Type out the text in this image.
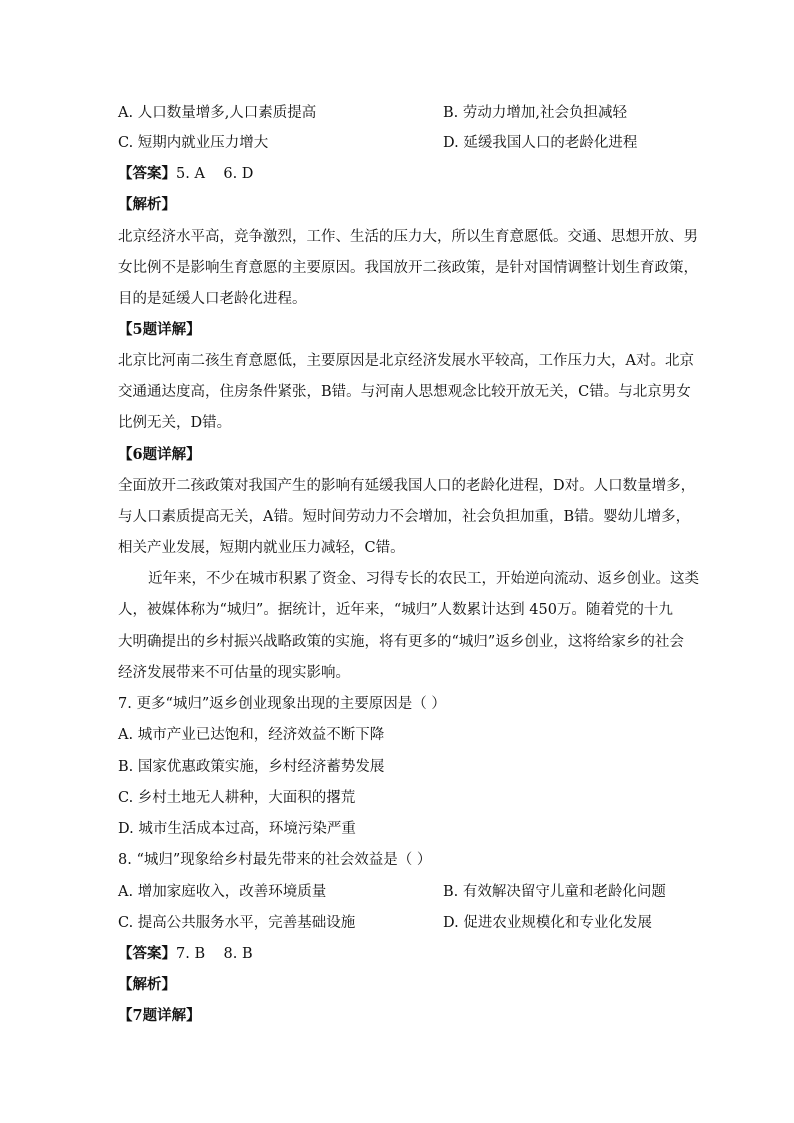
A. 人口数量增多,人口素质提高	B. 劳动力增加,社会负担减轻
C. 短期内就业压力增大	D. 延缓我国人口的老龄化进程
【答案】5. A    6. D
【解析】
北京经济水平高，竞争激烈，工作、生活的压力大，所以生育意愿低。交通、思想开放、男
女比例不是影响生育意愿的主要原因。我国放开二孩政策，是针对国情调整计划生育政策，
目的是延缓人口老龄化进程。
【5题详解】
北京比河南二孩生育意愿低，主要原因是北京经济发展水平较高，工作压力大，A对。北京
交通通达度高，住房条件紧张，B错。与河南人思想观念比较开放无关，C错。与北京男女
比例无关，D错。
【6题详解】
全面放开二孩政策对我国产生的影响有延缓我国人口的老龄化进程，D对。人口数量增多，
与人口素质提高无关，A错。短时间劳动力不会增加，社会负担加重，B错。婴幼儿增多，
相关产业发展，短期内就业压力减轻，C错。
近年来，不少在城市积累了资金、习得专长的农民工，开始逆向流动、返乡创业。这类
人，被媒体称为“城归”。据统计，近年来，“城归”人数累计达到 450万。随着党的十九
大明确提出的乡村振兴战略政策的实施，将有更多的“城归”返乡创业，这将给家乡的社会
经济发展带来不可估量的现实影响。
7. 更多“城归”返乡创业现象出现的主要原因是（ ）
A. 城市产业已达饱和，经济效益不断下降
B. 国家优惠政策实施，乡村经济蓄势发展
C. 乡村土地无人耕种，大面积的撂荒
D. 城市生活成本过高，环境污染严重
8. “城归”现象给乡村最先带来的社会效益是（ ）
A. 增加家庭收入，改善环境质量	B. 有效解决留守儿童和老龄化问题
C. 提高公共服务水平，完善基础设施	D. 促进农业规模化和专业化发展
【答案】7. B    8. B
【解析】
【7题详解】
